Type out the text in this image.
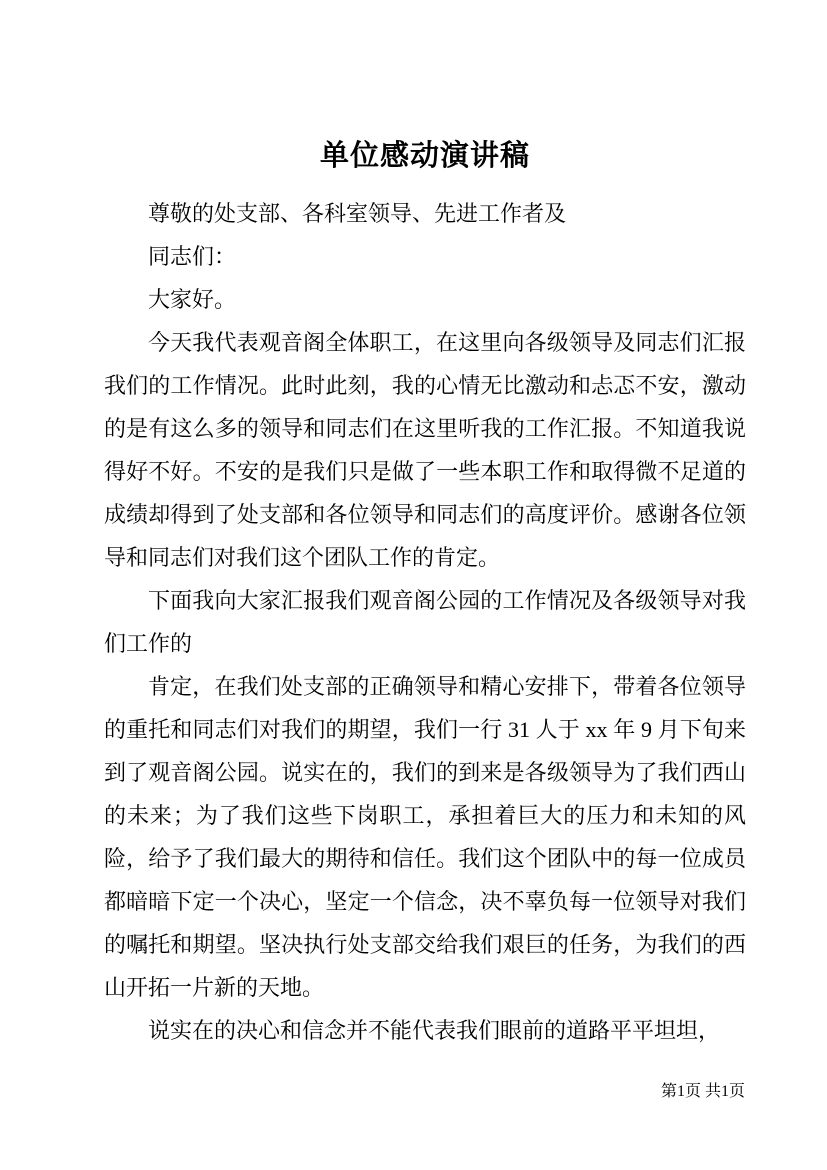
单位感动演讲稿

尊敬的处支部、各科室领导、先进工作者及

同志们：

大家好。

今天我代表观音阁全体职工，在这里向各级领导及同志们汇报我们的工作情况。此时此刻，我的心情无比激动和忐忑不安，激动的是有这么多的领导和同志们在这里听我的工作汇报。不知道我说得好不好。不安的是我们只是做了一些本职工作和取得微不足道的成绩却得到了处支部和各位领导和同志们的高度评价。感谢各位领导和同志们对我们这个团队工作的肯定。

下面我向大家汇报我们观音阁公园的工作情况及各级领导对我们工作的

肯定，在我们处支部的正确领导和精心安排下，带着各位领导的重托和同志们对我们的期望，我们一行 31 人于 xx 年 9 月下旬来到了观音阁公园。说实在的，我们的到来是各级领导为了我们西山的未来；为了我们这些下岗职工，承担着巨大的压力和未知的风险，给予了我们最大的期待和信任。我们这个团队中的每一位成员都暗暗下定一个决心，坚定一个信念，决不辜负每一位领导对我们的嘱托和期望。坚决执行处支部交给我们艰巨的任务，为我们的西山开拓一片新的天地。

说实在的决心和信念并不能代表我们眼前的道路平平坦坦，

第1页 共1页
